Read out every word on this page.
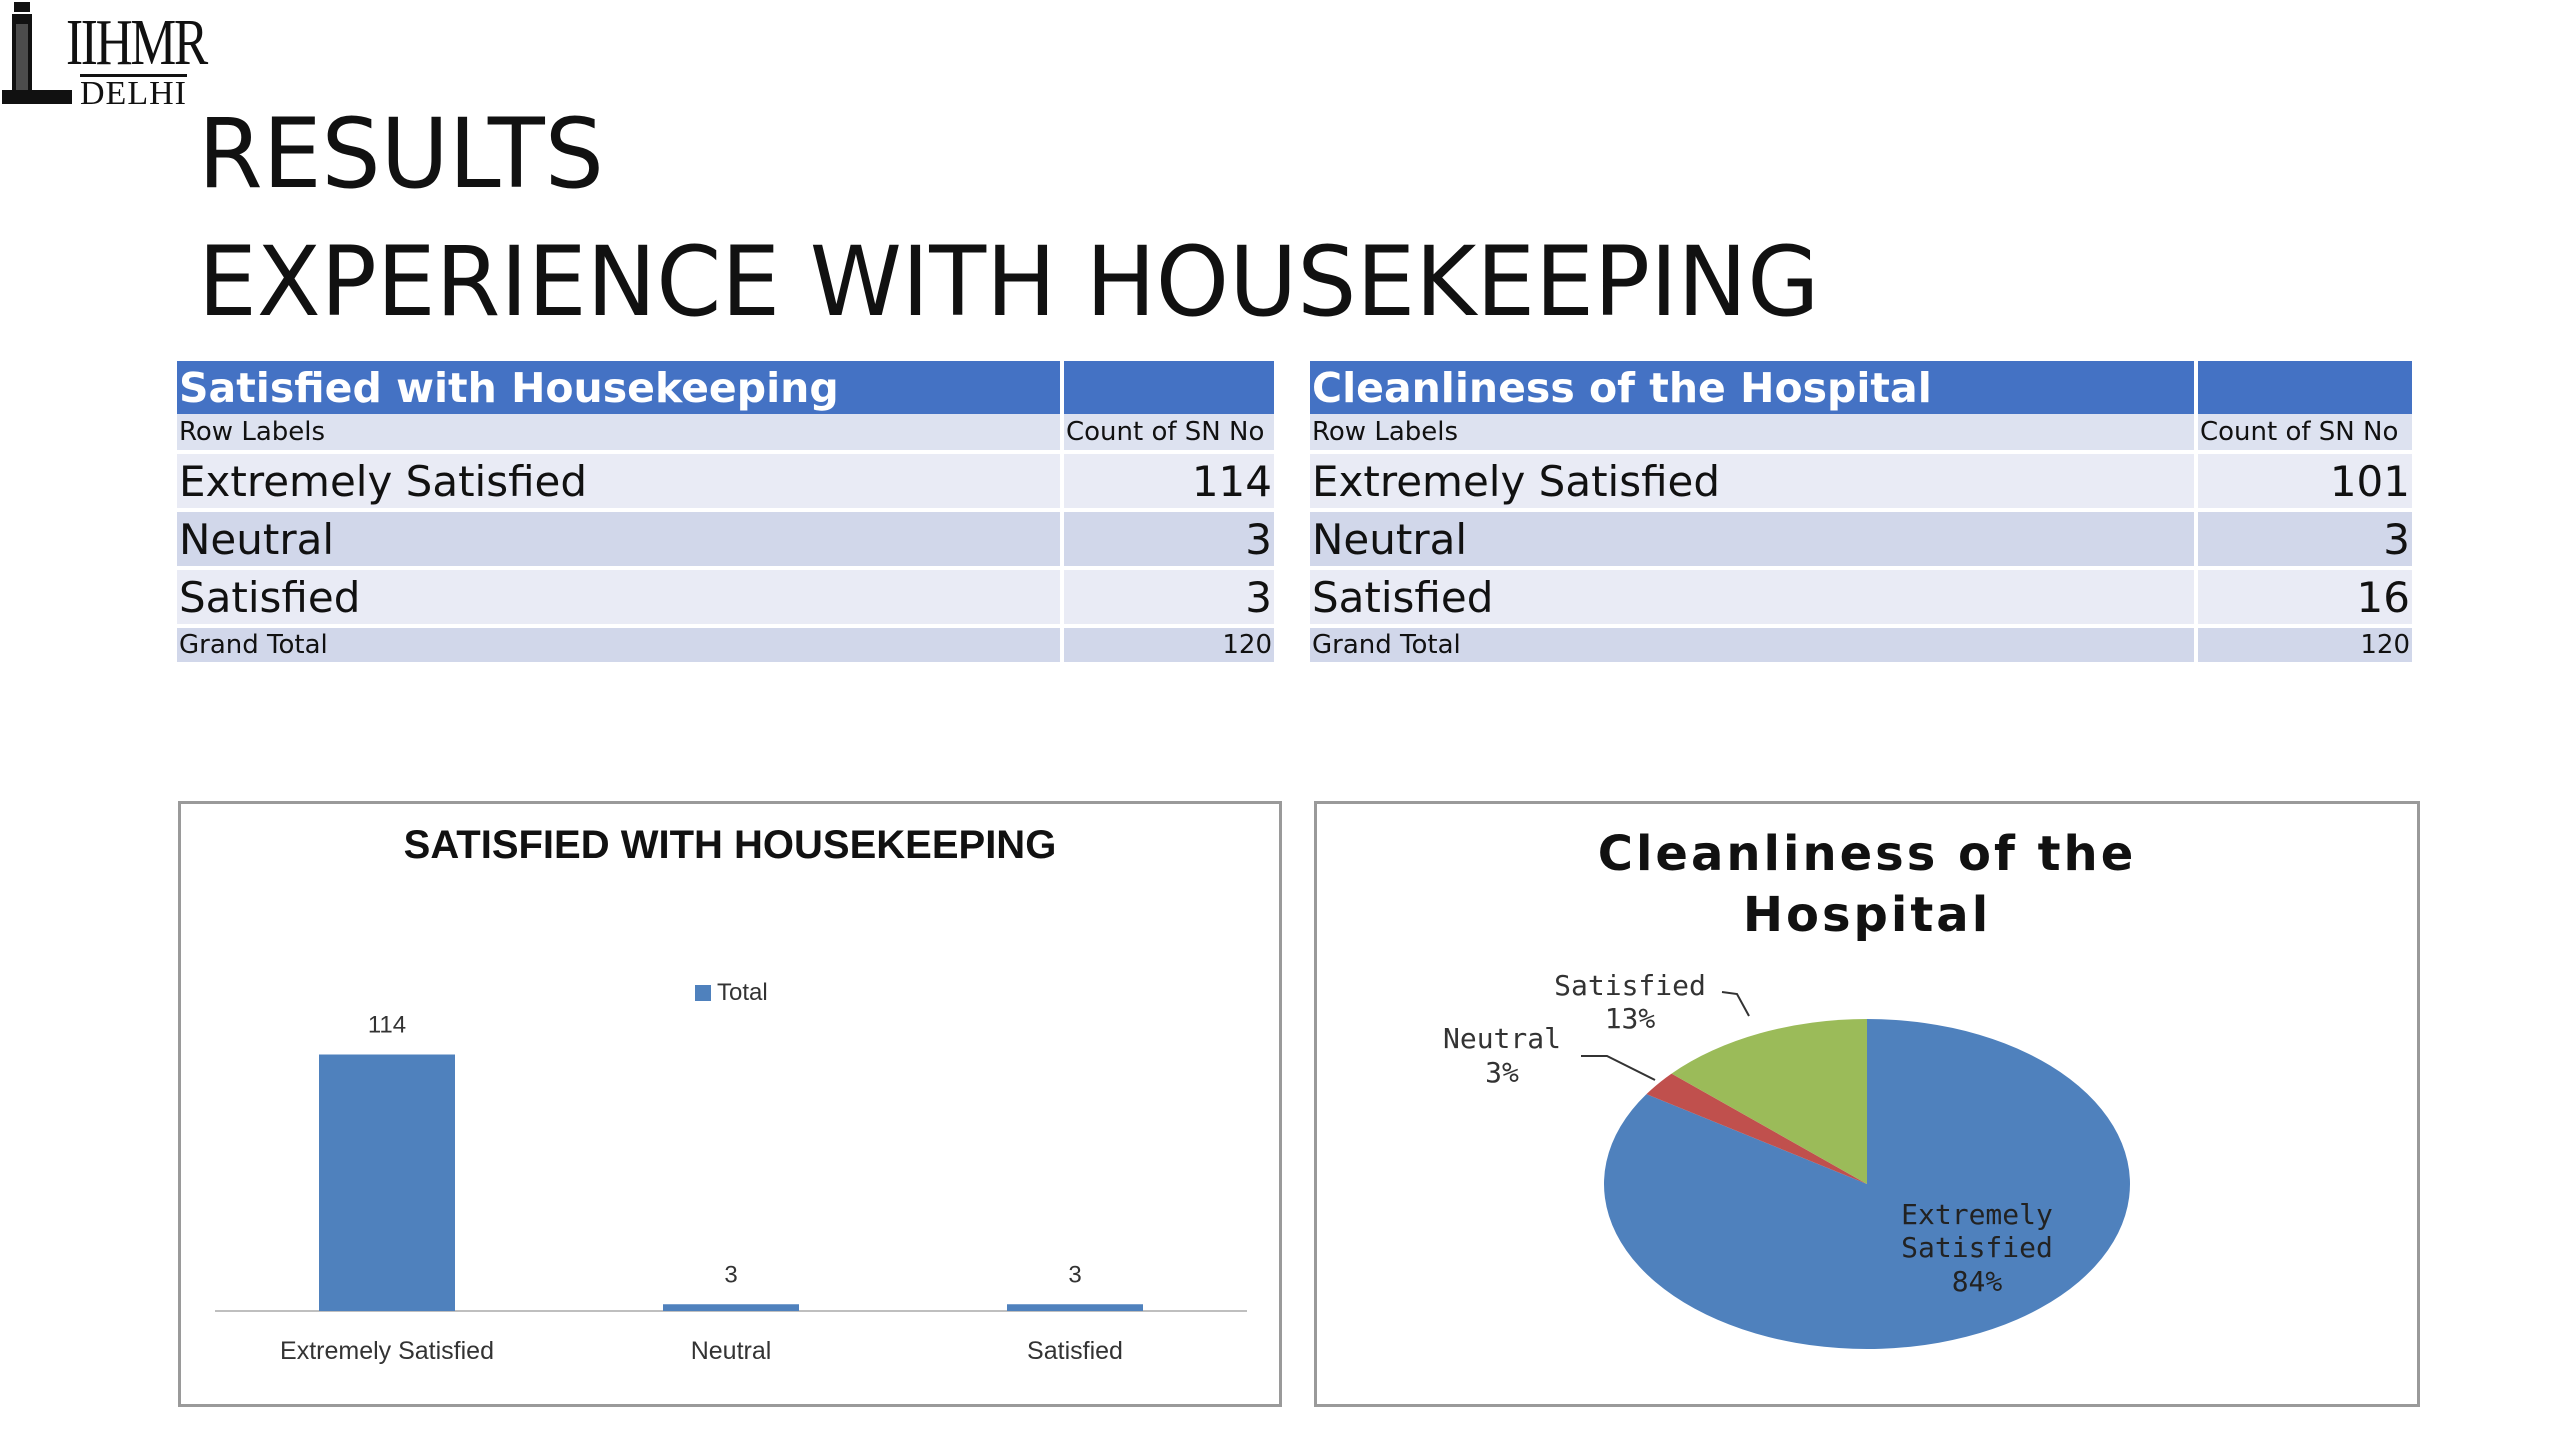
IIHMR
DELHI
RESULTS
EXPERIENCE WITH HOUSEKEEPING
Satisfied with Housekeeping	
Row Labels	Count of SN No
Extremely Satisfied	114
Neutral	3
Satisfied	3
Grand Total	120
Cleanliness of the Hospital	
Row Labels	Count of SN No
Extremely Satisfied	101
Neutral	3
Satisfied	16
Grand Total	120
SATISFIED WITH HOUSEKEEPING
Total
114
Extremely Satisfied
3
Neutral
3
Satisfied
Cleanliness of the
Hospital
Satisfied
13%
Neutral
3%
Extremely
Satisfied
84%
